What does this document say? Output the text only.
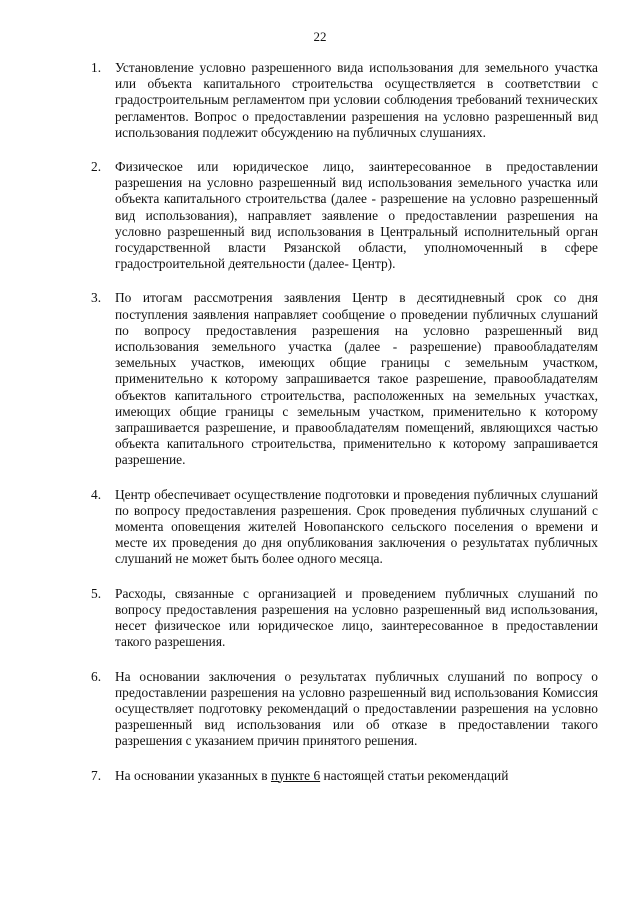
22
1.	Установление условно разрешенного вида использования для земельного участка или объекта капитального строительства осуществляется в соответствии с градостроительным регламентом при условии соблюдения требований технических регламентов. Вопрос о предоставлении разрешения на условно разрешенный вид использования подлежит обсуждению на публичных слушаниях.
2.	Физическое или юридическое лицо, заинтересованное в предоставлении разрешения на условно разрешенный вид использования земельного участка или объекта капитального строительства (далее - разрешение на условно разрешенный вид использования), направляет заявление о предоставлении разрешения на условно разрешенный вид использования в Центральный исполнительный орган государственной власти Рязанской области, уполномоченный в сфере градостроительной деятельности (далее- Центр).
3.	По итогам рассмотрения заявления Центр в десятидневный срок со дня поступления заявления направляет сообщение о проведении публичных слушаний по вопросу предоставления разрешения на условно разрешенный вид использования земельного участка (далее - разрешение) правообладателям земельных участков, имеющих общие границы с земельным участком, применительно к которому запрашивается такое разрешение, правообладателям объектов капитального строительства, расположенных на земельных участках, имеющих общие границы с земельным участком, применительно к которому запрашивается разрешение, и правообладателям помещений, являющихся частью объекта капитального строительства, применительно к которому запрашивается разрешение.
4.	Центр обеспечивает осуществление подготовки и проведения публичных слушаний по вопросу предоставления разрешения. Срок проведения публичных слушаний с момента оповещения жителей Новопанского сельского поселения о времени и месте их проведения до дня опубликования заключения о результатах публичных слушаний не может быть более одного месяца.
5.	Расходы, связанные с организацией и проведением публичных слушаний по вопросу предоставления разрешения на условно разрешенный вид использования, несет физическое или юридическое лицо, заинтересованное в предоставлении такого разрешения.
6.	На основании заключения о результатах публичных слушаний по вопросу о предоставлении разрешения на условно разрешенный вид использования Комиссия осуществляет подготовку рекомендаций о предоставлении разрешения на условно разрешенный вид использования или об отказе в предоставлении такого разрешения с указанием причин принятого решения.
7.	На основании указанных в пункте 6 настоящей статьи рекомендаций
